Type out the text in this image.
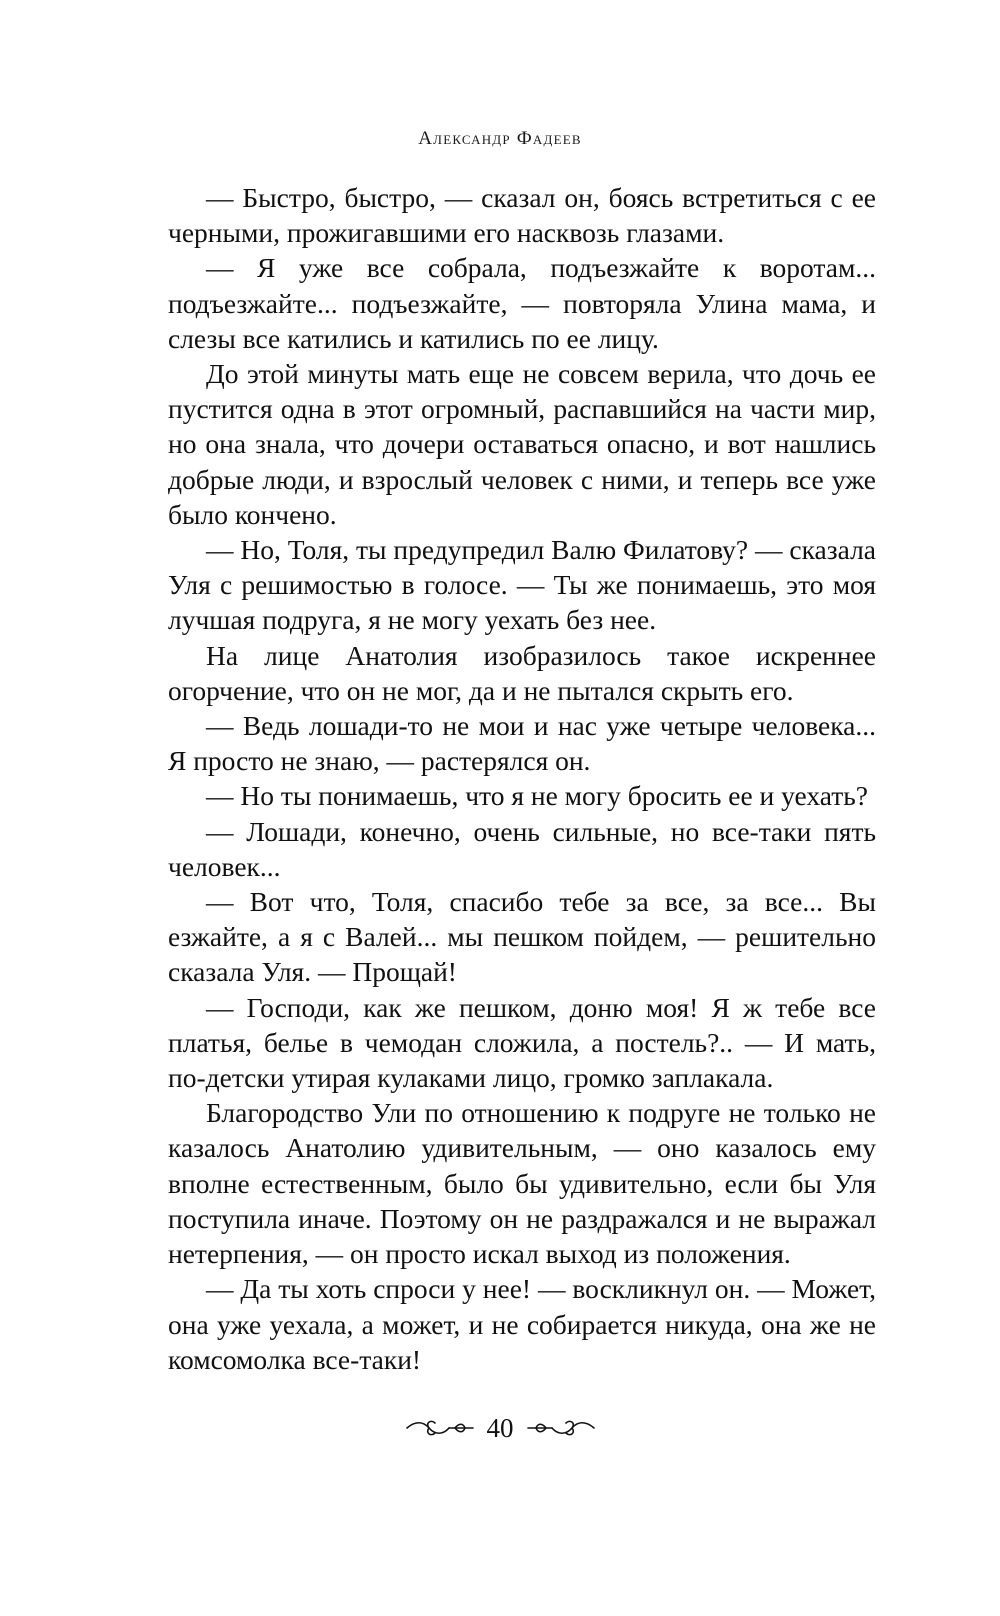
Александр Фадеев

— Быстро, быстро, — сказал он, боясь встретиться с ее черными, прожигавшими его насквозь глазами.

— Я уже все собрала, подъезжайте к воротам... подъезжайте... подъезжайте, — повторяла Улина мама, и слезы все катились и катились по ее лицу.

До этой минуты мать еще не совсем верила, что дочь ее пустится одна в этот огромный, распавшийся на части мир, но она знала, что дочери оставаться опасно, и вот нашлись добрые люди, и взрослый человек с ними, и теперь все уже было кончено.

— Но, Толя, ты предупредил Валю Филатову? — сказала Уля с решимостью в голосе. — Ты же понимаешь, это моя лучшая подруга, я не могу уехать без нее.

На лице Анатолия изобразилось такое искреннее огорчение, что он не мог, да и не пытался скрыть его.

— Ведь лошади-то не мои и нас уже четыре человека... Я просто не знаю, — растерялся он.

— Но ты понимаешь, что я не могу бросить ее и уехать?

— Лошади, конечно, очень сильные, но все-таки пять человек...

— Вот что, Толя, спасибо тебе за все, за все... Вы езжайте, а я с Валей... мы пешком пойдем, — решительно сказала Уля. — Прощай!

— Господи, как же пешком, доню моя! Я ж тебе все платья, белье в чемодан сложила, а постель?.. — И мать, по-детски утирая кулаками лицо, громко заплакала.

Благородство Ули по отношению к подруге не только не казалось Анатолию удивительным, — оно казалось ему вполне естественным, было бы удивительно, если бы Уля поступила иначе. Поэтому он не раздражался и не выражал нетерпения, — он просто искал выход из положения.

— Да ты хоть спроси у нее! — воскликнул он. — Может, она уже уехала, а может, и не собирается никуда, она же не комсомолка все-таки!

40
